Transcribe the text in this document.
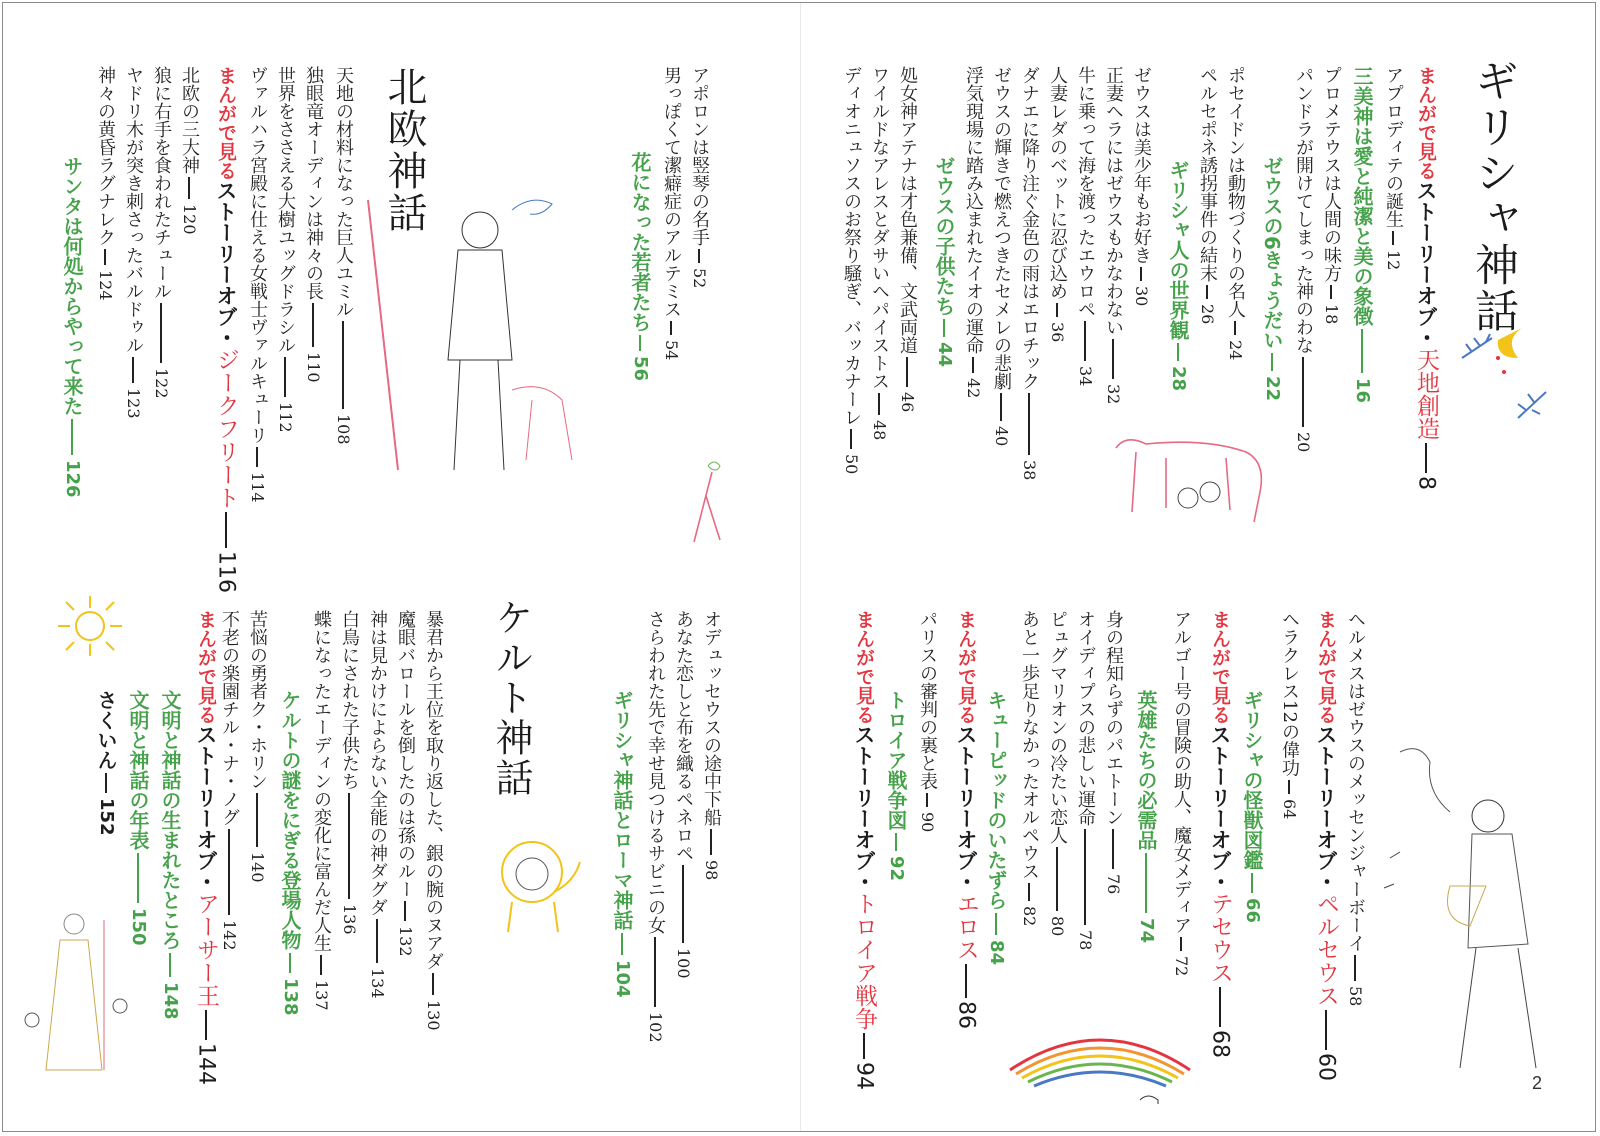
ギリシャ神話
まんがで見る
ストーリーオブ・
天地創造
8
アプロディテの誕生
12
三美神は愛と純潔と美の象徴
16
プロメテウスは人間の味方
18
パンドラが開けてしまった神のわな
20
ゼウスの6きょうだい
22
ポセイドンは動物づくりの名人
24
ペルセポネ誘拐事件の結末
26
ギリシャ人の世界観
28
ゼウスは美少年もお好き
30
正妻ヘラにはゼウスもかなわない
32
牛に乗って海を渡ったエウロペ
34
人妻レダのベットに忍び込め
36
ダナエに降り注ぐ金色の雨はエロチック
38
ゼウスの輝きで燃えつきたセメレの悲劇
40
浮気現場に踏み込まれたイオの運命
42
ゼウスの子供たち
44
処女神アテナは才色兼備、文武両道
46
ワイルドなアレスとダサいヘパイストス
48
ディオニュソスのお祭り騒ぎ、バッカナーレ
50
アポロンは竪琴の名手
52
男っぽくて潔癖症のアルテミス
54
花になった若者たち
56
北欧神話
天地の材料になった巨人ユミル
108
独眼竜オーディンは神々の長
110
世界をささえる大樹ユッグドラシル
112
ヴァルハラ宮殿に仕える女戦士ヴァルキューリ
114
まんがで見る
ストーリーオブ・
ジークフリート
116
北欧の三大神
120
狼に右手を食われたチュール
122
ヤドリ木が突き刺さったバルドゥル
123
神々の黄昏ラグナレク
124
サンタは何処からやって来た
126
ヘルメスはゼウスのメッセンジャーボーイ
58
まんがで見る
ストーリーオブ・
ペルセウス
60
ヘラクレス12の偉功
64
ギリシャの怪獣図鑑
66
まんがで見る
ストーリーオブ・
テセウス
68
アルゴー号の冒険の助人、魔女メディア
72
英雄たちの必需品
74
身の程知らずのパエトーン
76
オイディプスの悲しい運命
78
ピュグマリオンの冷たい恋人
80
あと一歩足りなかったオルペウス
82
キューピッドのいたずら
84
まんがで見る
ストーリーオブ・
エロス
86
パリスの審判の裏と表
90
トロイア戦争図
92
まんがで見る
ストーリーオブ・
トロイア戦争
94
オデュッセウスの途中下船
98
あなた恋しと布を織るペネロペ
100
さらわれた先で幸せ見つけるサビニの女
102
ギリシャ神話とローマ神話
104
ケルト神話
暴君から王位を取り返した、銀の腕のヌアダ
130
魔眼バロールを倒したのは孫のルー
132
神は見かけによらない全能の神ダグダ
134
白鳥にされた子供たち
136
蝶になったエーディンの変化に富んだ人生
137
ケルトの謎をにぎる登場人物
138
苦悩の勇者ク・ホリン
140
不老の楽園チル・ナ・ノグ
142
まんがで見る
ストーリーオブ・
アーサー王
144
文明と神話の生まれたところ
148
文明と神話の年表
150
さくいん
152
2
